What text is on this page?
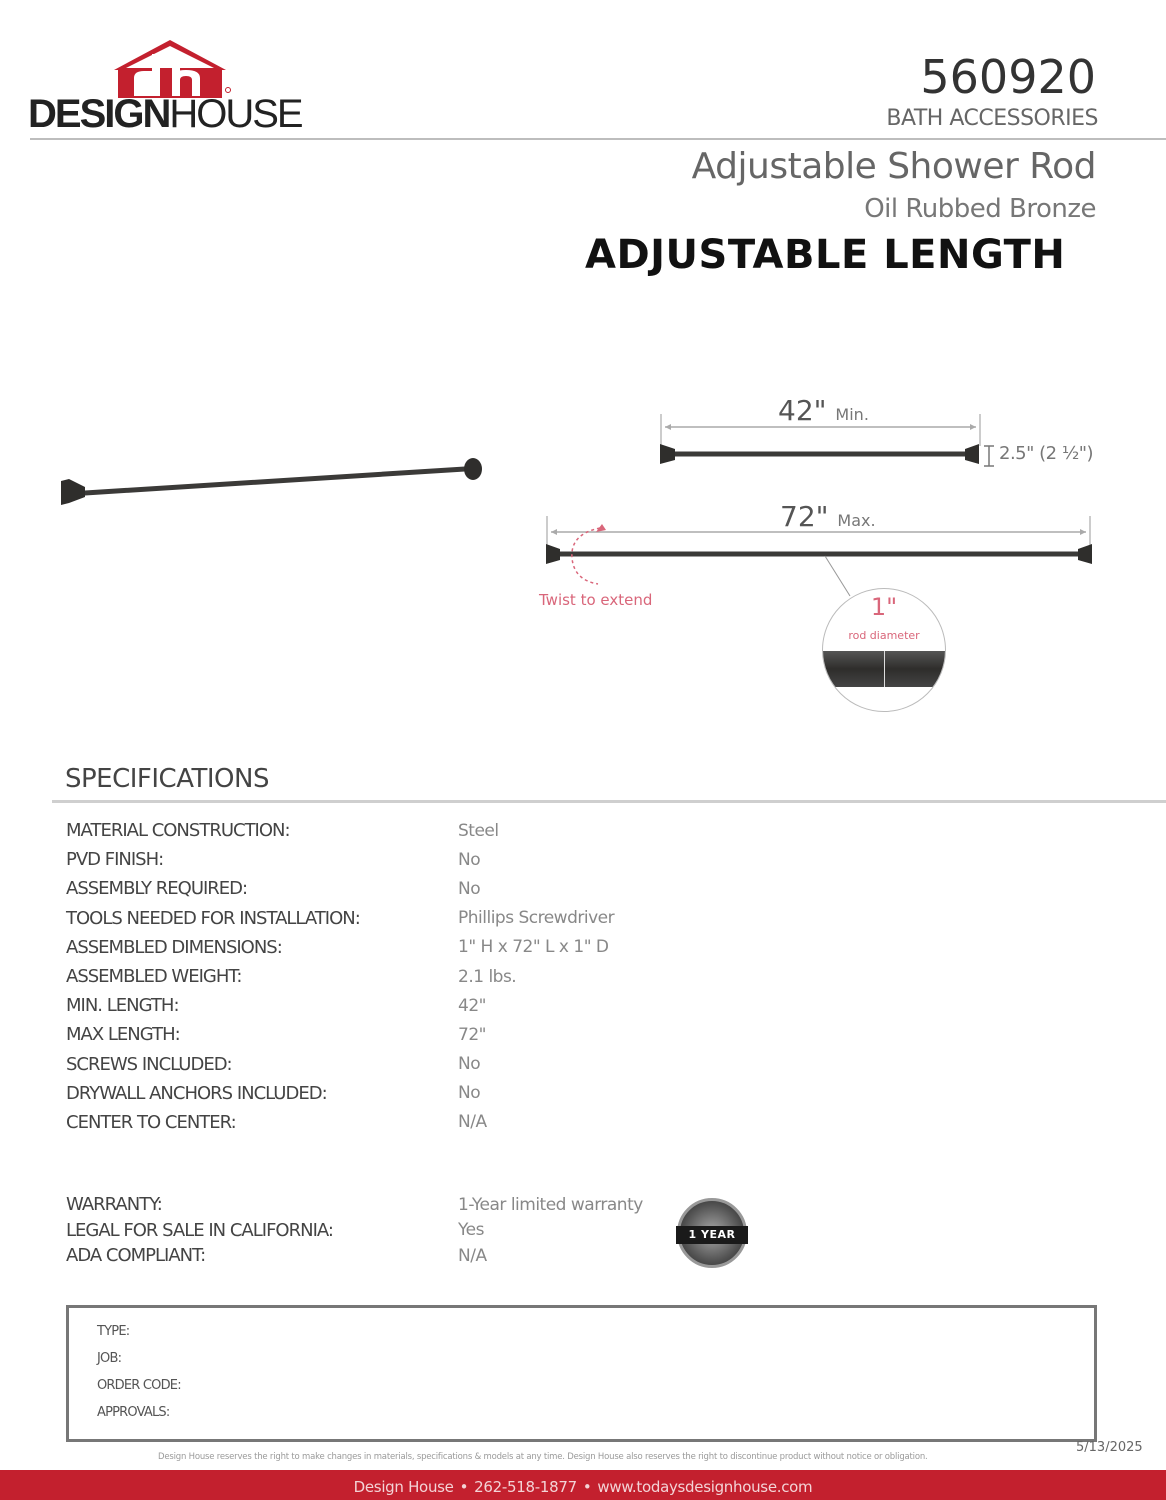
DESIGNHOUSE
560920
BATH ACCESSORIES
Adjustable Shower Rod
Oil Rubbed Bronze
ADJUSTABLE LENGTH
42" Min.
2.5" (2 ½")
72" Max.
Twist to extend	1"
rod diameter
SPECIFICATIONS
MATERIAL CONSTRUCTION:	Steel
PVD FINISH:	No
ASSEMBLY REQUIRED:	No
TOOLS NEEDED FOR INSTALLATION:	Phillips Screwdriver
ASSEMBLED DIMENSIONS:	1" H x 72" L x 1" D
ASSEMBLED WEIGHT:	2.1 lbs.
MIN. LENGTH:	42"
MAX LENGTH:	72"
SCREWS INCLUDED:	No
DRYWALL ANCHORS INCLUDED:	No
CENTER TO CENTER:	N/A
WARRANTY:	1-Year limited warranty
LEGAL FOR SALE IN CALIFORNIA:	Yes
ADA COMPLIANT:	N/A
1 YEAR
TYPE:
JOB:
ORDER CODE:
APPROVALS:
5/13/2025
Design House reserves the right to make changes in materials, specifications & models at any time. Design House also reserves the right to discontinue product without notice or obligation.
Design House • 262-518-1877 • www.todaysdesignhouse.com
